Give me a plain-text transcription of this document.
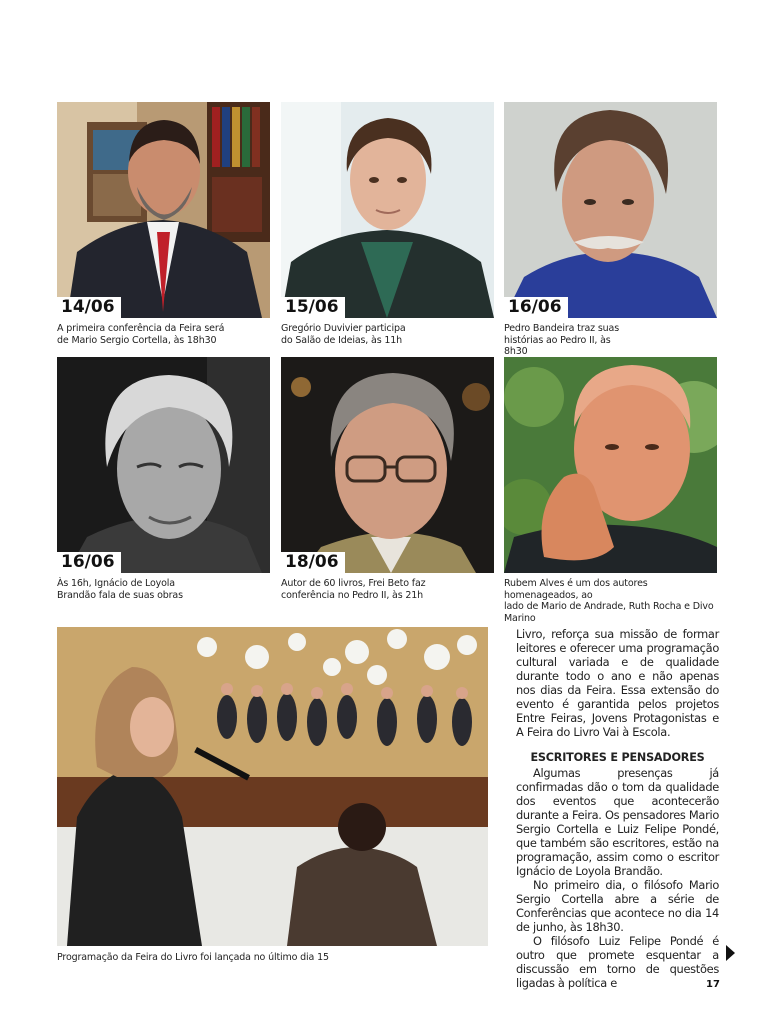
14/06	15/06	16/06
A primeira conferência da Feira será
de Mario Sergio Cortella, às 18h30
Gregório Duvivier participa
do Salão de Ideias, às 11h
Pedro Bandeira traz suas
histórias ao Pedro II, às
8h30
16/06	18/06
Às 16h, Ignácio de Loyola
Brandão fala de suas obras
Autor de 60 livros, Frei Beto faz
conferência no Pedro II, às 21h
Rubem Alves é um dos autores homenageados, ao
lado de Mario de Andrade, Ruth Rocha e Divo Marino
Programação da Feira do Livro foi lançada no último dia 15

Livro, reforça sua missão de formar leitores e oferecer uma programação cultural variada e de qualidade durante todo o ano e não apenas nos dias da Feira. Essa extensão do evento é garantida pelos projetos Entre Feiras, Jovens Protagonistas e A Feira do Livro Vai à Escola.

ESCRITORES E PENSADORES

Algumas presenças já confirmadas dão o tom da qualidade dos eventos que acontecerão durante a Feira. Os pensadores Mario Sergio Cortella e Luiz Felipe Pondé, que também são escritores, estão na programação, assim como o escritor Ignácio de Loyola Brandão.

No primeiro dia, o filósofo Mario Sergio Cortella abre a série de Conferências que acontece no dia 14 de junho, às 18h30.

O filósofo Luiz Felipe Pondé é outro que promete esquentar a discussão em torno de questões ligadas à política e	17
